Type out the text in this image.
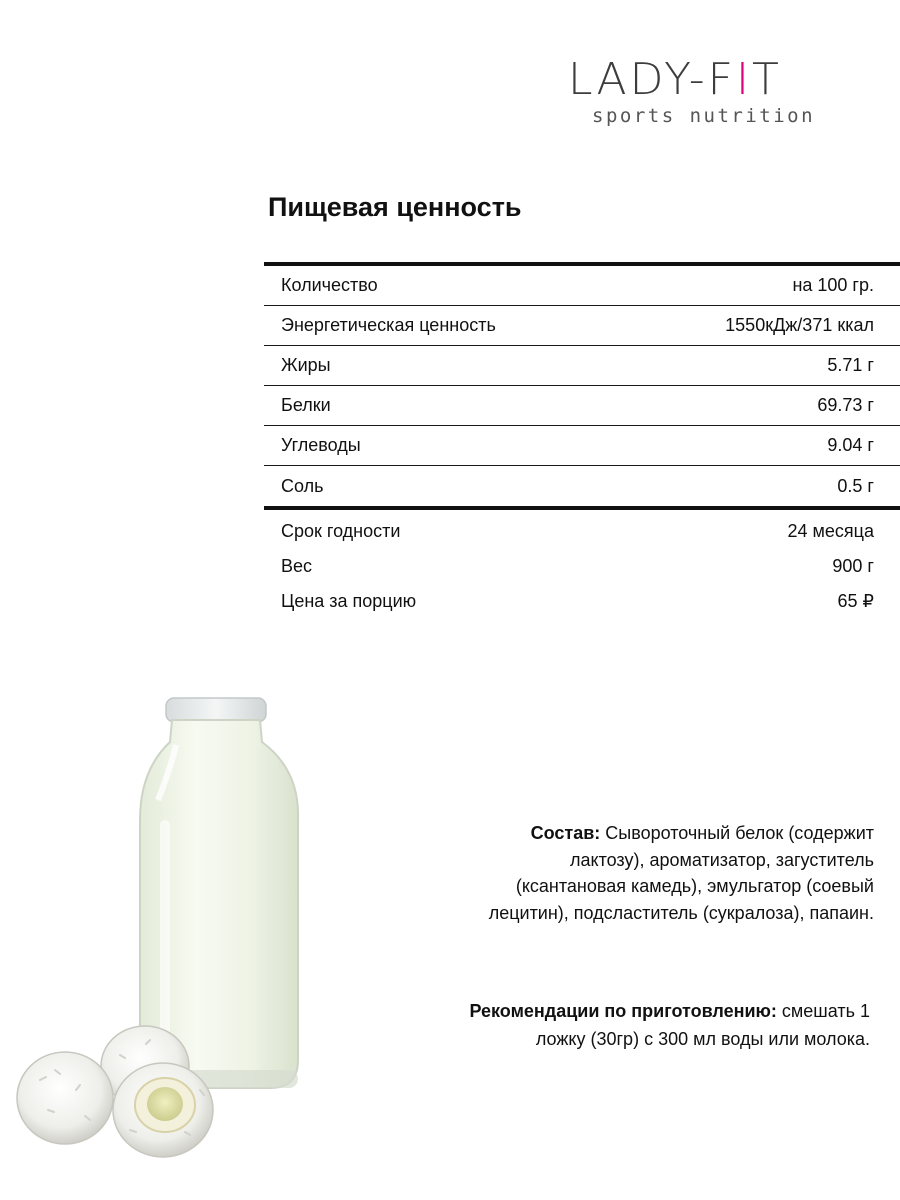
LADY-FIT
sports nutrition
Пищевая ценность
Количество	на 100 гр.
Энергетическая ценность	1550кДж/371 ккал
Жиры	5.71 г
Белки	69.73 г
Углеводы	9.04 г
Соль	0.5 г
Срок годности	24 месяца
Вес	900 г
Цена за порцию	65 ₽
Состав: Сывороточный белок (содержит лактозу), ароматизатор, загуститель (ксантановая камедь), эмульгатор (соевый лецитин), подсластитель (сукралоза), папаин.
Рекомендации по приготовлению: смешать 1 ложку (30гр) с 300 мл воды или молока.
